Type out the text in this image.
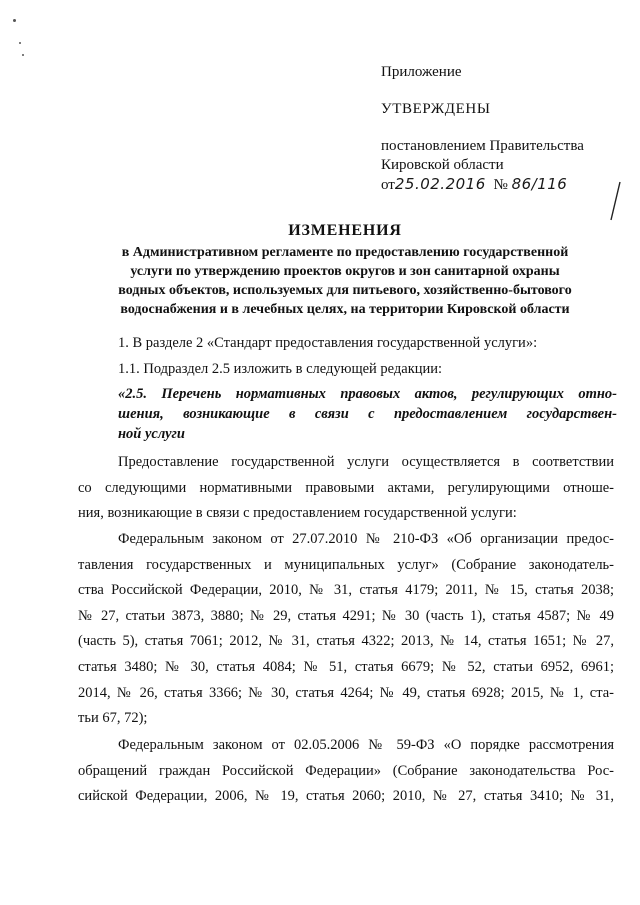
Приложение
УТВЕРЖДЕНЫ
постановлением Правительства
Кировской области
от25.02.2016 № 86/116
ИЗМЕНЕНИЯ
в Административном регламенте по предоставлению государственной
услуги по утверждению проектов округов и зон санитарной охраны
водных объектов, используемых для питьевого, хозяйственно-бытового
водоснабжения и в лечебных целях, на территории Кировской области
1. В разделе 2 «Стандарт предоставления государственной услуги»:
1.1. Подраздел 2.5 изложить в следующей редакции:
«2.5. Перечень нормативных правовых актов, регулирующих отно-
шения, возникающие в связи с предоставлением государствен-
ной услуги
Предоставление государственной услуги осуществляется в соответствии
со следующими нормативными правовыми актами, регулирующими отноше-
ния, возникающие в связи с предоставлением государственной услуги:
Федеральным законом от 27.07.2010 № 210-ФЗ «Об организации предос-
тавления государственных и муниципальных услуг» (Собрание законодатель-
ства Российской Федерации, 2010, № 31, статья 4179; 2011, № 15, статья 2038;
№ 27, статьи 3873, 3880; № 29, статья 4291; № 30 (часть 1), статья 4587; № 49
(часть 5), статья 7061; 2012, № 31, статья 4322; 2013, № 14, статья 1651; № 27,
статья 3480; № 30, статья 4084; № 51, статья 6679; № 52, статьи 6952, 6961;
2014, № 26, статья 3366; № 30, статья 4264; № 49, статья 6928; 2015, № 1, ста-
тьи 67, 72);
Федеральным законом от 02.05.2006 № 59-ФЗ «О порядке рассмотрения
обращений граждан Российской Федерации» (Собрание законодательства Рос-
сийской Федерации, 2006, № 19, статья 2060; 2010, № 27, статья 3410; № 31,
